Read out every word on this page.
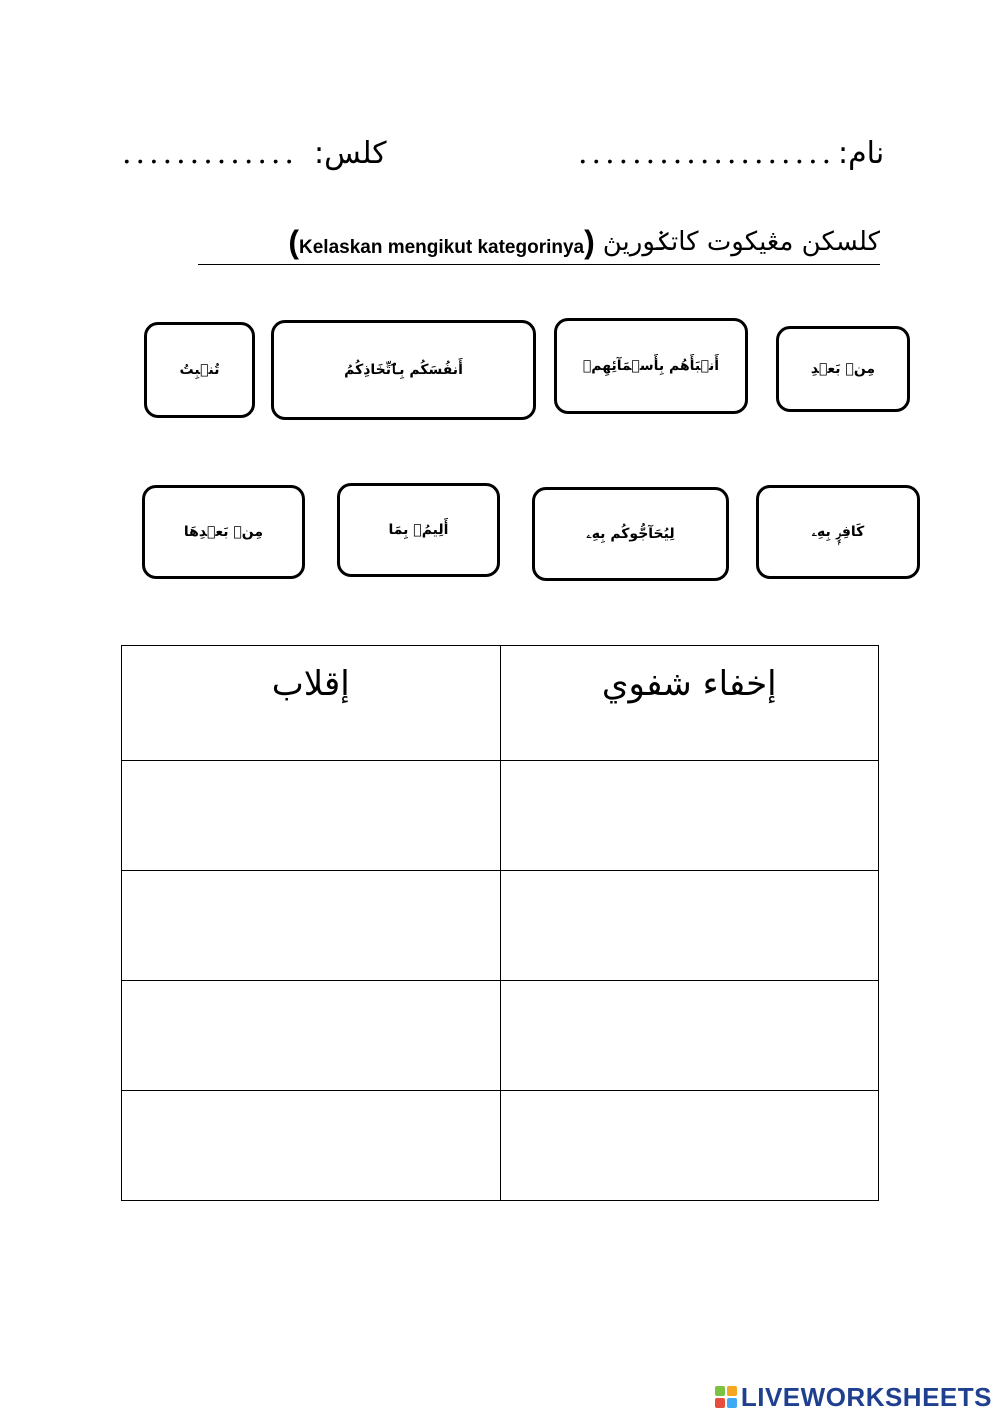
نام:
...................
كلس:
.............
(Kelaskan mengikut kategorinya) كلسكن مڠيكوت كاتݢوريڽ
مِنۢ بَعۡدِ
أَنۢبَأَهُم بِأَسۡمَآئِهِمۡ
أَنفُسَكُم بِٱتِّخَاذِكُمُ
تُنۢبِتُ
كَافِرِۭ بِهِۦ
لِيُحَآجُّوكُم بِهِۦ
أَلِيمُۢ بِمَا
مِنۢ بَعۡدِهَا
إقلاب	إخفاء شفوي

LIVEWORKSHEETS
